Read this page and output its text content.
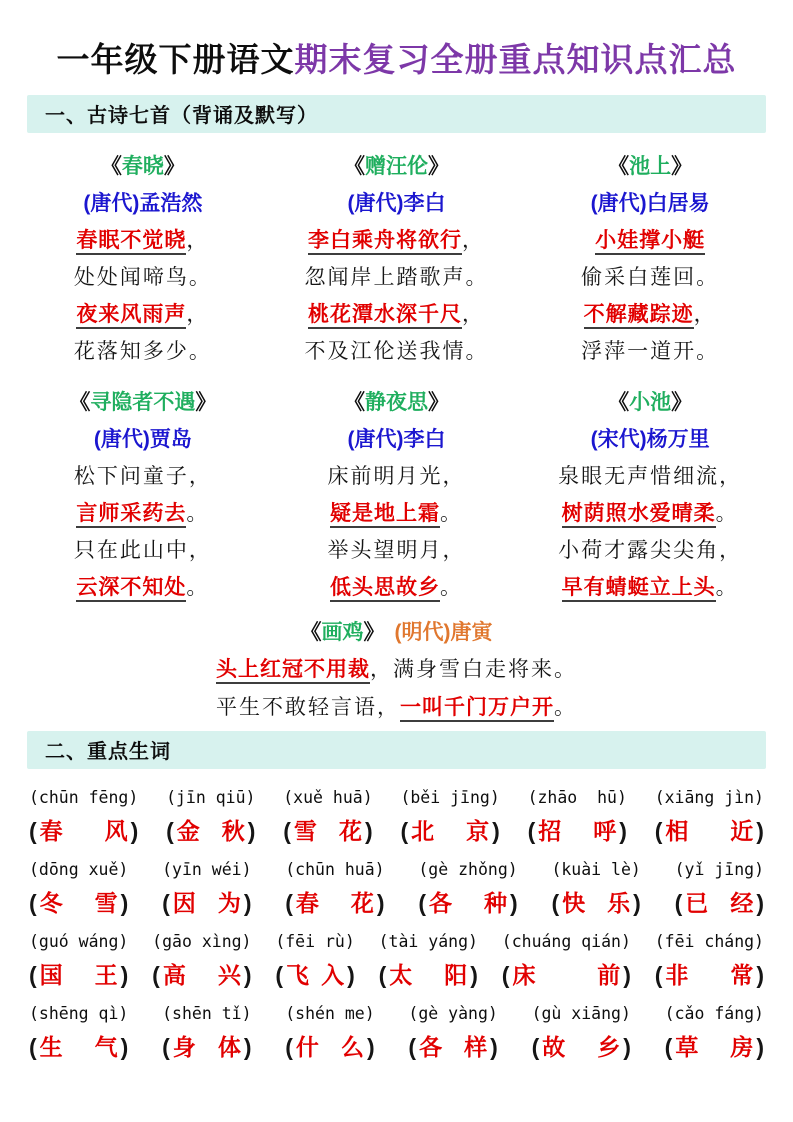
一年级下册语文期末复习全册重点知识点汇总
一、古诗七首（背诵及默写）
《春晓》
(唐代)孟浩然
春眠不觉晓，
处处闻啼鸟。
夜来风雨声，
花落知多少。
《赠汪伦》
(唐代)李白
李白乘舟将欲行，
忽闻岸上踏歌声。
桃花潭水深千尺，
不及江伦送我情。
《池上》
(唐代)白居易
小娃撑小艇
偷采白莲回。
不解藏踪迹，
浮萍一道开。
《寻隐者不遇》
(唐代)贾岛
松下问童子，
言师采药去。
只在此山中，
云深不知处。
《静夜思》
(唐代)李白
床前明月光，
疑是地上霜。
举头望明月，
低头思故乡。
《小池》
(宋代)杨万里
泉眼无声惜细流，
树荫照水爱晴柔。
小荷才露尖尖角，
早有蜻蜓立上头。
《画鸡》 (明代)唐寅
头上红冠不用裁，满身雪白走将来。
平生不敢轻言语，一叫千门万户开。
二、重点生词
(chūn fēng)
( 春 风 )
(jīn qiū)
( 金 秋 )
(xuě huā)
( 雪 花 )
(běi jīng)
( 北 京 )
(zhāo  hū)
( 招 呼 )
(xiāng jìn)
( 相 近 )
(dōng xuě)
( 冬 雪 )
(yīn wéi)
( 因 为 )
(chūn huā)
( 春 花 )
(gè zhǒng)
( 各 种 )
(kuài lè)
( 快 乐 )
(yǐ jīng)
( 已 经 )
(guó wáng)
( 国 王 )
(gāo xìng)
( 高 兴 )
(fēi rù)
( 飞 入 )
(tài yáng)
( 太 阳 )
(chuáng qián)
( 床	前 )
(fēi cháng)
( 非 常 )
(shēng qì)
( 生 气 )
(shēn tǐ)
( 身 体 )
(shén me)
( 什 么 )
(gè yàng)
( 各 样 )
(gù xiāng)
( 故 乡 )
(cǎo fáng)
( 草 房 )
